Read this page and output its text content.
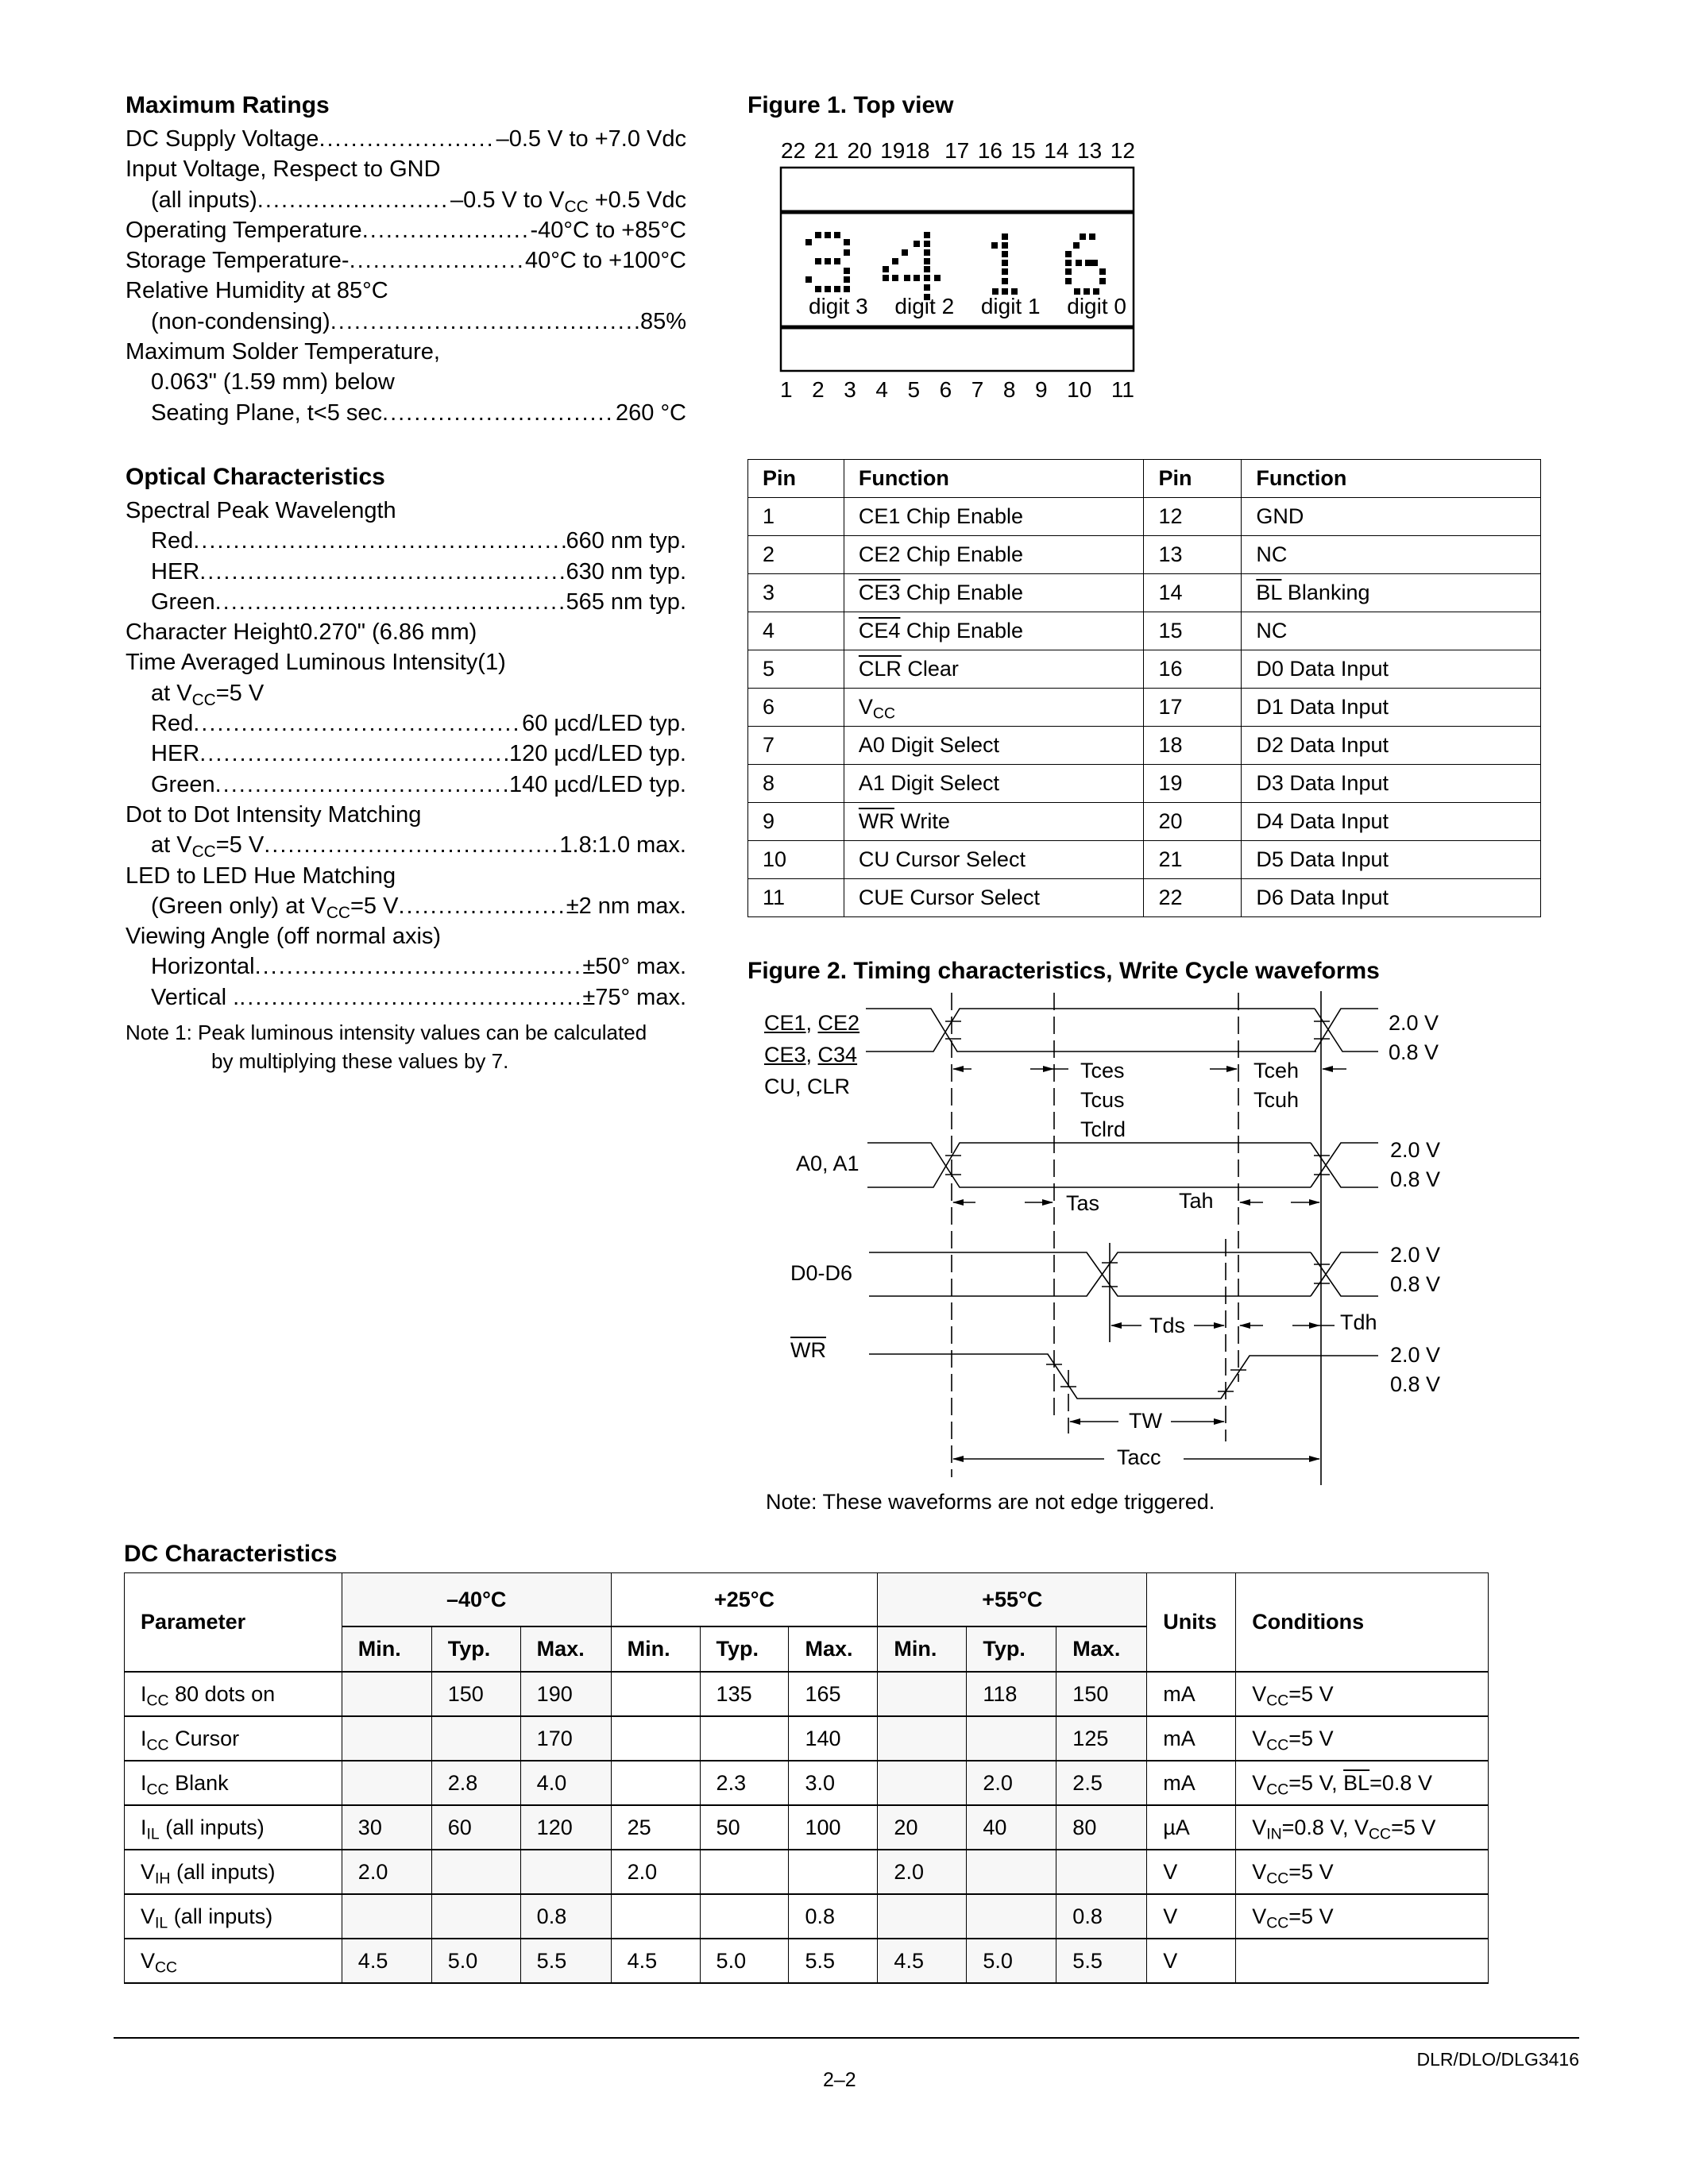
Maximum Ratings
DC Supply Voltage .....	–0.5 V to +7.0 Vdc
Input Voltage, Respect to GND
(all inputs) .....	–0.5 V to $V_{CC} +0.5$ Vdc
Operating Temperature .....	-40°C to +85°C
Storage Temperature- .....	40°C to +100°C
Relative Humidity at 85°C
(non-condensing) .....	85%
Maximum Solder Temperature,
0.063" (1.59 mm) below
Seating Plane, t<5 sec .....	260 °C
Optical Characteristics
Spectral Peak Wavelength
Red .....	660 nm typ.
HER .....	630 nm typ.
Green .....	565 nm typ.
Character Height0.270" (6.86 mm)
Time Averaged Luminous Intensity(1)
at $V_{CC}=5$ V
Red .....	60 µcd/LED typ.
HER .....	120 µcd/LED typ.
Green .....	140 µcd/LED typ.
Dot to Dot Intensity Matching
at $V_{CC}=5$ V .....	1.8:1.0 max.
LED to LED Hue Matching
(Green only) at $V_{CC}=5$ V .....	±2 nm max.
Viewing Angle (off normal axis)
Horizontal .....	±50° max.
Vertical . .....	±75° max.
Note 1: Peak luminous intensity values can be calculated
by multiplying these values by 7.
Figure 1. Top view
22 21 20 1918 17 16 15 14 13 12
digit 3 digit 2 digit 1 digit 0
1 2 3 4 5 6 7 8 9 10 11
Pin	Function	Pin	Function
1	CE1 Chip Enable	12	GND
2	CE2 Chip Enable	13	NC
3	CE3 Chip Enable	14	$\overline{BL}$ Blanking
4	CE4 Chip Enable	15	NC
5	$\overline{CLR}$ Clear	16	D0 Data Input
6	$V_{CC}$	17	D1 Data Input
7	A0 Digit Select	18	D2 Data Input
8	A1 Digit Select	19	D3 Data Input
9	$\overline{WR}$ Write	20	D4 Data Input
10	CU Cursor Select	21	D5 Data Input
11	CUE Cursor Select	22	D6 Data Input
Figure 2. Timing characteristics, Write Cycle waveforms
CE1, CE2
CE3, C34
CU, CLR
A0, A1
D0-D6
$\overline{WR}$
Tces
Tcus
Tclrd
Tceh
Tcuh
Tas	Tah
Tds	Tdh
TW
Tacc
2.0 V
0.8 V
2.0 V
0.8 V
2.0 V
0.8 V
2.0 V
0.8 V
Note: These waveforms are not edge triggered.
DC Characteristics
Parameter	–40°C			+25°C			+55°C			Units	Conditions
	Min.	Typ.	Max.	Min.	Typ.	Max.	Min.	Typ.	Max.		
$I_{CC}$ 80 dots on		150	190		135	165		118	150	mA	$V_{CC}=5$ V
$I_{CC}$ Cursor			170			140			125	mA	$V_{CC}=5$ V
$I_{CC}$ Blank		2.8	4.0		2.3	3.0		2.0	2.5	mA	$V_{CC}=5$ V, $\overline{BL}=0.8$ V
$I_{IL}$ (all inputs)	30	60	120	25	50	100	20	40	80	µA	$V_{IN}=0.8$ V, $V_{CC}=5$ V
$V_{IH}$ (all inputs)	2.0			2.0			2.0			V	$V_{CC}=5$ V
$V_{IL}$ (all inputs)			0.8			0.8			0.8	V	$V_{CC}=5$ V
$V_{CC}$	4.5	5.0	5.5	4.5	5.0	5.5	4.5	5.0	5.5	V	
DLR/DLO/DLG3416
2–2
